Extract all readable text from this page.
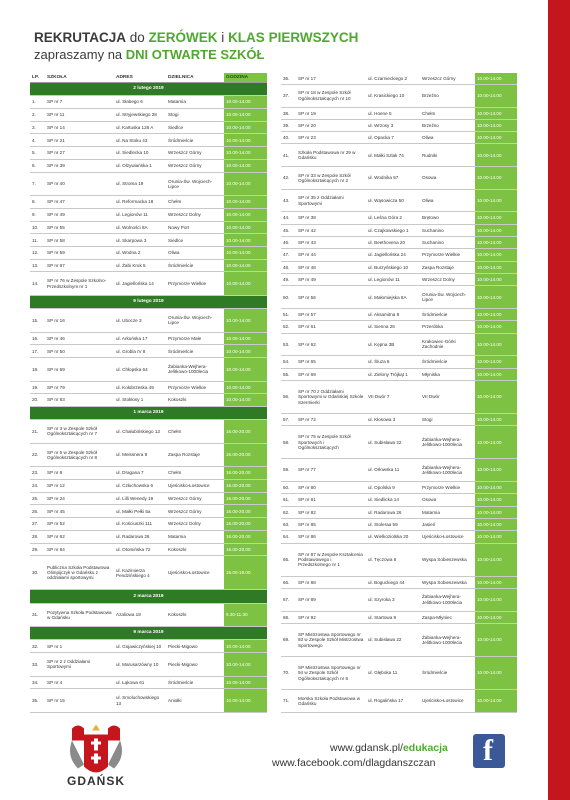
REKRUTACJA do ZERÓWEK i KLAS PIERWSZYCH
zapraszamy na DNI OTWARTE SZKÓŁ
LP.	SZKOŁA	ADRES	DZIELNICA	GODZINA
2 lutego 2019				
1.	SP nr 7	ul. Słabego 6	Matarnia	10.00-14.00
2.	SP nr 11	ul. Stryjewskiego 28	Stogi	10.00-14.00
3.	SP nr 14	ul. Kartuska 126 A	Siedlce	10.00-14.00
4.	SP nr 21	ul. Na Stoku 43	Śródmieście	10.00-14.00
5.	SP nr 27	ul. Siedlecka 10	Wrzeszcz Górny	10.00-14.00
6.	SP nr 39	ul. Olzywiańska 1	Wrzeszcz Górny	10.00-14.00
7.	SP nr 40	ul. Stroma 19	Orunia-Św. Wojciech-Lipce	10.00-14.00
8.	SP nr 47	ul. Reformacka 18	Chełm	10.00-14.00
9.	SP nr 49	ul. Legionów 11	Wrzeszcz Dolny	10.00-14.00
10.	SP nr 55	ul. Wolności 8A	Nowy Port	10.00-14.00
11.	SP nr 58	ul. Skarpowa 3	Siedlce	10.00-14.00
12.	SP nr 59	ul. Wodna 2	Oliwa	10.00-14.00
13.	SP nr 67	ul. Żabi Kruk 5	Śródmieście	10.00-14.00
14.	SP nr 76 w Zespole Szkolno-Przedszkolnym nr 1	ul. Jagiellońska 14	Przymorze Wielkie	10.00-14.00
9 lutego 2019				
15.	SP nr 16	ul. Ubocze 3	Orunia-Św. Wojciech-Lipce	10.00-14.00
16.	SP nr 46	ul. Arkońska 17	Przymorze Małe	10.00-14.00
17.	SP nr 50	ul. Grobla IV 8	Śródmieście	10.00-14.00
18.	SP nr 69	ul. Chłopska 64	Żabianka-Wejhera-Jelitkowo-1000lecia	10.00-14.00
19.	SP nr 79	ul. Kołobrzeska 49	Przymorze Wielkie	10.00-14.00
20.	SP nr 83	ul. Stokłosy 1	Kokoszki	10.00-14.00
1 marca 2019				
21.	SP nr 3 w Zespole Szkół Ogólnokształcących nr 7	ul. Chałubińskiego 13	Chełm	16.00-20.00
22.	SP nr 5 w Zespole Szkół Ogólnokształcących nr 8	ul. Meissnera 9	Zaspa Rozstaje	16.00-20.00
23.	SP nr 8	ul. Dragana 7	Chełm	16.00-20.00
24.	SP nr 12	ul. Człuchowska 6	Ujeścisko-Łostowice	16.00-20.00
25.	SP nr 24	ul. Lilli Wenedy 19	Wrzeszcz Górny	16.00-20.00
26.	SP nr 45	ul. Małki Pełki 5a	Wrzeszcz Górny	16.00-20.00
27.	SP nr 52	ul. Kościuszki 111	Wrzeszcz Dolny	16.00-20.00
28.	SP nr 62	ul. Radarowa 26	Matarnia	16.00-20.00
29.	SP nr 84	ul. Otomińska 72	Kokoszki	16.00-20.00
30.	Publiczna Szkoła Podstawowa Olimpijczyk w Gdańsku z oddziałami sportowymi	ul. Kazimierza Pendzińskiego 4	Ujeścisko-Łostowice	16.00-19.00
2 marca 2019				
31.	Pozytywna Szkoła Podstawowa w Gdańsku	Azaliowa 18	Kokoszki	9.30-11.30
9 marca 2019				
32.	SP nr 1	ul. Gojawiczyńskiej 10	Piecki-Migowo	10.00-14.00
33.	SP nr 2 z Oddziałami Sportowymi	ul. Marusarzówny 10	Piecki-Migowo	10.00-14.00
34.	SP nr 4	ul. Łąkowa 61	Śródmieście	10.00-14.00
35.	SP nr 15	ul. Smoluchowskiego 13	Aniołki	10.00-14.00
36.	SP nr 17	ul. Czarnieckiego 2	Wrzeszcz Górny	10.00-14.00
37.	SP nr 18 w Zespole Szkół Ogólnokształcących nr 10	ul. Krasickiego 10	Brzeźno	10.00-14.00
38.	SP nr 19	ul. Hoene 5	Chełm	10.00-14.00
39.	SP nr 20	ul. Wrzosy 3	Brzeźno	10.00-14.00
40.	SP nr 23	ul. Opacka 7	Oliwa	10.00-14.00
41.	Szkoła Podstawowa nr 29 w Gdańsku	ul. Małki Szlak 74	Rudniki	10.00-14.00
42.	SP nr 33 w Zespole Szkół Ogólnokształcących nr 2	ul. Wodnika 57	Osowa	10.00-14.00
43.	SP nr 35 z Oddziałami Sportowymi	ul. Wąsowicza 50	Oliwa	10.00-14.00
44.	SP nr 38	ul. Leśna Góra 2	Brętowo	10.00-14.00
45.	SP nr 42	ul. Czajkowskiego 1	Suchanino	10.00-14.00
46.	SP nr 43	ul. Beethovena 20	Suchanino	10.00-14.00
47.	SP nr 44	ul. Jagiellońska 24	Przymorze Wielkie	10.00-14.00
48.	SP nr 48	ul. Burzyńskiego 10	Zaspa Rozstaje	10.00-14.00
49.	SP nr 49	ul. Legionów 11	Wrzeszcz Dolny	10.00-14.00
50.	SP nr 56	ul. Małomiejska 8A	Orunia-Św. Wojciech-Lipce	10.00-14.00
51.	SP nr 57	ul. Aksamitna 8	Śródmieście	10.00-14.00
52.	SP nr 61	ul. Sienna 26	Przeróbka	10.00-14.00
53.	SP nr 62	ul. Kępna 3B	Krakowiec-Górki Zachodnie	10.00-14.00
54.	SP nr 65	ul. Śluza 6	Śródmieście	10.00-14.00
55.	SP nr 69	ul. Zielony Trójkąt 1	Młyniska	10.00-14.00
56.	SP nr 70 z Oddziałami Sportowymi w Gdańskiej Szkole Szermierki	VII Dwór 7	VII Dwór	10.00-14.00
57.	SP nr 72	ul. Kłosowa 3	Stogi	10.00-14.00
58.	SP nr 75 w Zespole Szkół Sportowych i Ogólnokształcących	ul. Subisława 22	Żabianka-Wejhera-Jelitkowo-1000lecia	10.00-14.00
59.	SP nr 77	ul. Orłowska 11	Żabianka-Wejhera-Jelitkowo-1000lecia	10.00-14.00
60.	SP nr 80	ul. Opolska 9	Przymorze Wielkie	10.00-14.00
61.	SP nr 81	ul. Siedlicka 14	Osowa	10.00-14.00
62.	SP nr 82	ul. Radarowa 26	Matarnia	10.00-14.00
63.	SP nr 85	ul. Stoleraa 59	Jasień	10.00-14.00
64.	SP nr 86	ul. Wielkoziolska 20	Ujeścisko-Łostowice	10.00-14.00
65.	SP nr 87 w Zespole Kształcenia Podstawowego i Przedszkolnego nr 1	ul. Tęczowa 6	Wyspa Sobieszewska	10.00-14.00
66.	SP nr 88	ul. Boguckiego 44	Wyspa Sobieszewska	10.00-14.00
67.	SP nr 89	ul. Szyroka 3	Żabianka-Wejhera-Jelitkowo-1000lecia	10.00-14.00
68.	SP nr 92	ul. Startowa 9	Zaspa-Młyniec	10.00-14.00
69.	SP Mistrzostwa Sportowego nr 93 w Zespole Szkół Mistrzostwa Sportowego	ul. Subisława 22	Żabianka-Wejhera-Jelitkowo-1000lecia	10.00-14.00
70.	SP Mistrzostwa Sportowego nr 94 w Zespole Szkół Ogólnokształcących nr 6	ul. Głęboka 11	Śródmieście	10.00-14.00
71.	Morska Szkoła Podstawowa w Gdańsku	ul. Rogalińska 17	Ujeścisko-Łostowice	10.00-14.00
GDAŃSK
www.gdansk.pl/edukacja
www.facebook.com/dlagdanszczan f
